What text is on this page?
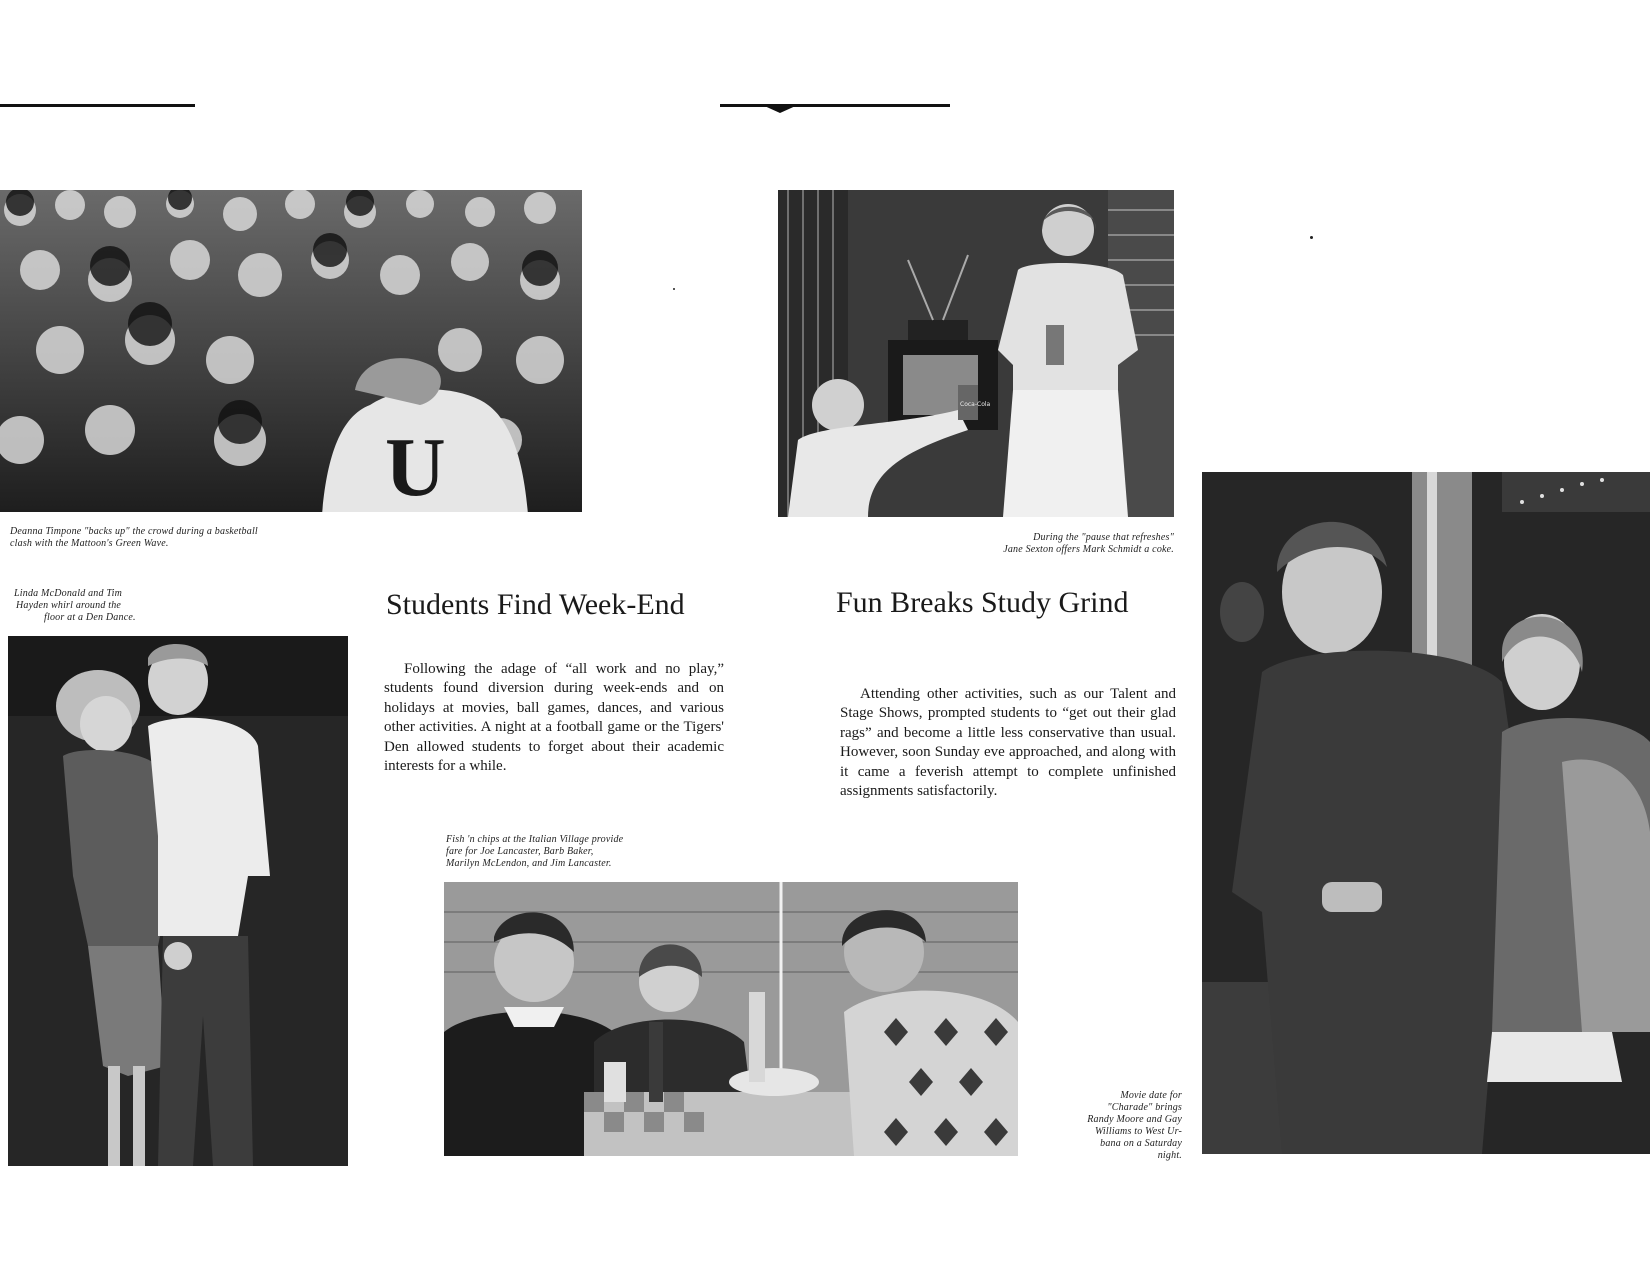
U
Deanna Timpone "backs up" the crowd during a basketball clash with the Mattoon's Green Wave.
Coca-Cola
During the "pause that refreshes"
Jane Sexton offers Mark Schmidt a coke.
Linda McDonald and Tim
Hayden whirl around the
floor at a Den Dance.	Students Find Week-End	Fun Breaks Study Grind

Following the adage of “all work and no play,” students found diversion during week-ends and on holidays at movies, ball games, dances, and various other activities. A night at a football game or the Tigers' Den allowed students to forget about their academic interests for a while.

Attending other activities, such as our Talent and Stage Shows, prompted students to “get out their glad rags” and become a little less conservative than usual. However, soon Sunday eve approached, and along with it came a feverish attempt to complete unfinished assignments satisfactorily.

Fish 'n chips at the Italian Village provide
fare for Joe Lancaster, Barb Baker,
Marilyn McLendon, and Jim Lancaster.
Movie date for
"Charade" brings
Randy Moore and Gay
Williams to West Ur-
bana on a Saturday
night.
